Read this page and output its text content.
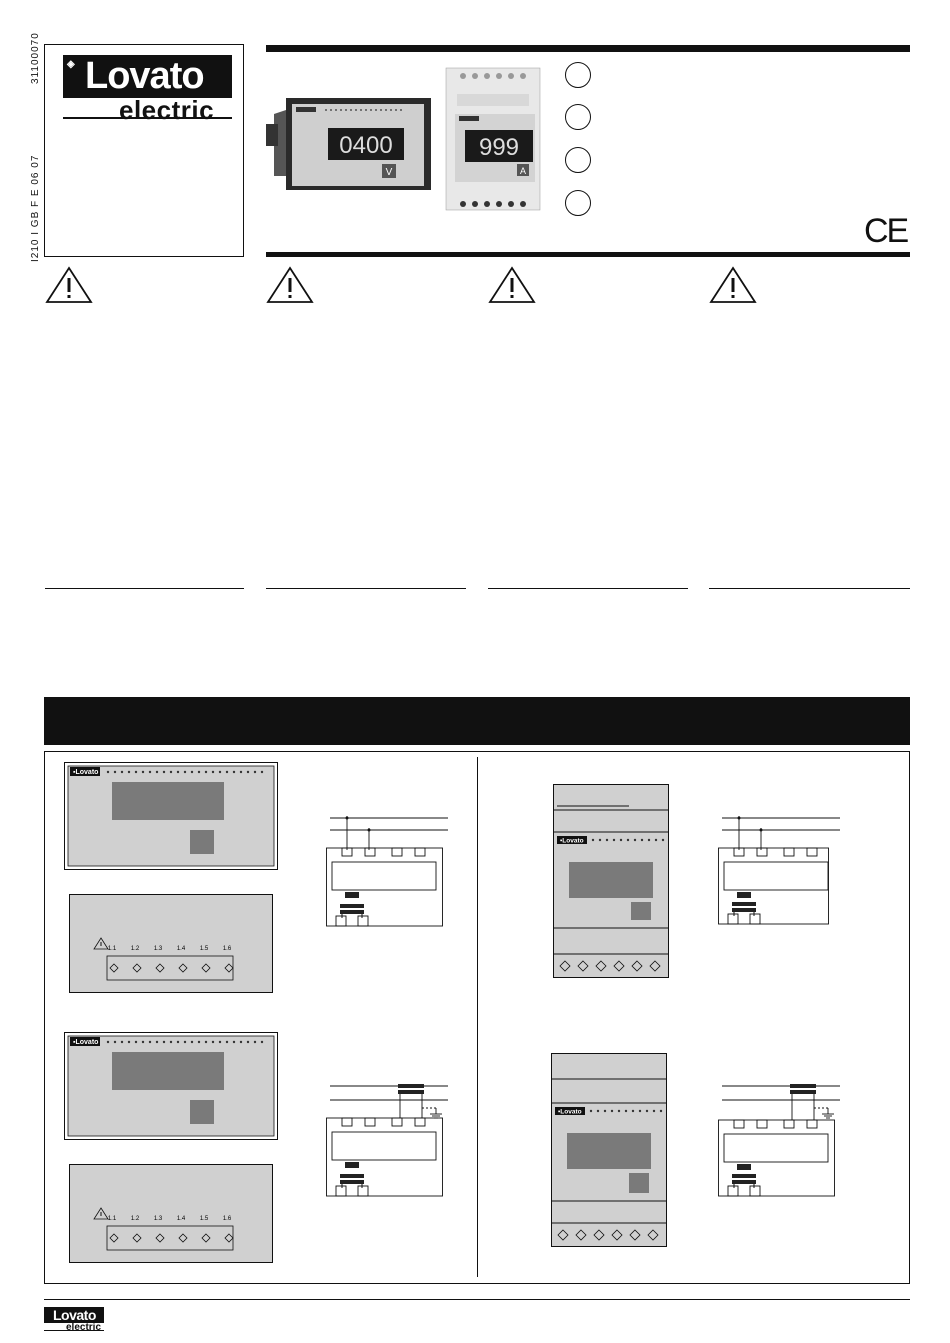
31100070
I210 I GB F E 06 07
◈ Lovato
electric
0400
V
999
A
CE
▪Lovato
1.1 1.2 1.3 1.4 1.5 1.6
▪Lovato
1.1 1.2 1.3 1.4 1.5 1.6
▪Lovato
▪Lovato
Lovato
electric
